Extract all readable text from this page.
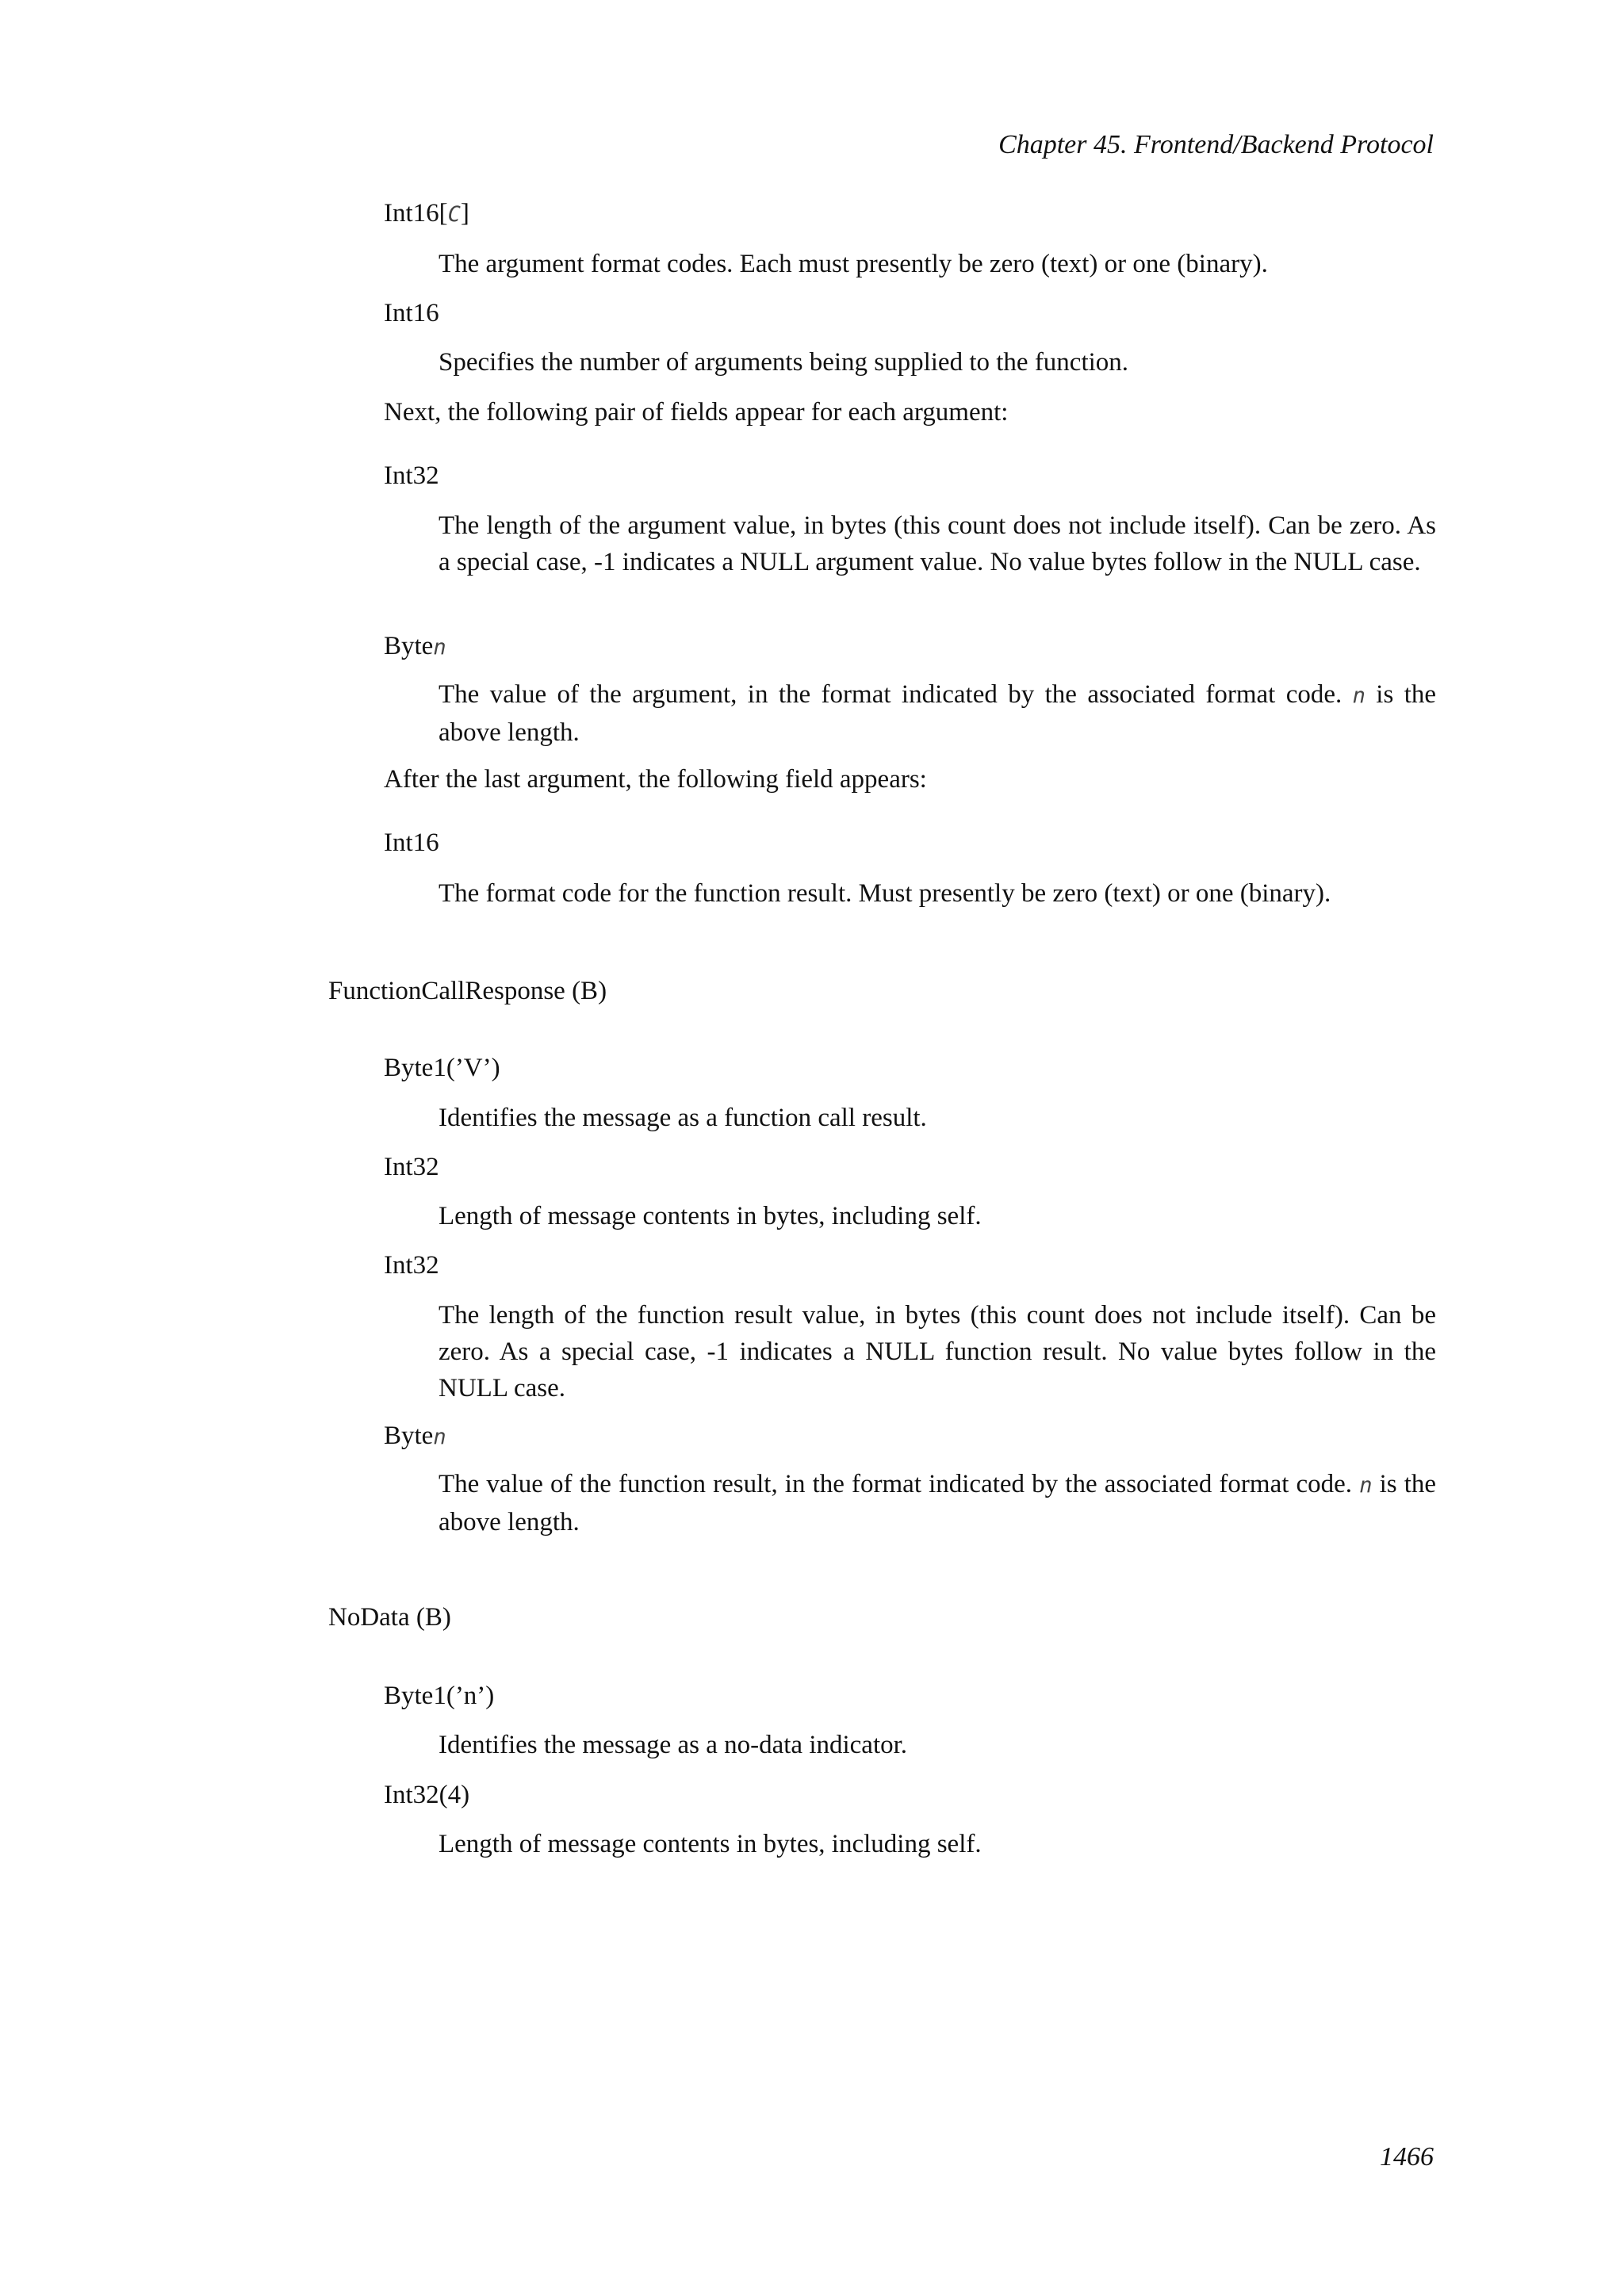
Chapter 45. Frontend/Backend Protocol
Int16[C]
The argument format codes. Each must presently be zero (text) or one (binary).
Int16
Specifies the number of arguments being supplied to the function.
Next, the following pair of fields appear for each argument:
Int32
The length of the argument value, in bytes (this count does not include itself). Can be zero. As a special case, -1 indicates a NULL argument value. No value bytes follow in the NULL case.
Byten
The value of the argument, in the format indicated by the associated format code. n is the above length.
After the last argument, the following field appears:
Int16
The format code for the function result. Must presently be zero (text) or one (binary).
FunctionCallResponse (B)
Byte1(’V’)
Identifies the message as a function call result.
Int32
Length of message contents in bytes, including self.
Int32
The length of the function result value, in bytes (this count does not include itself). Can be zero. As a special case, -1 indicates a NULL function result. No value bytes follow in the NULL case.
Byten
The value of the function result, in the format indicated by the associated format code. n is the above length.
NoData (B)
Byte1(’n’)
Identifies the message as a no-data indicator.
Int32(4)
Length of message contents in bytes, including self.
1466
